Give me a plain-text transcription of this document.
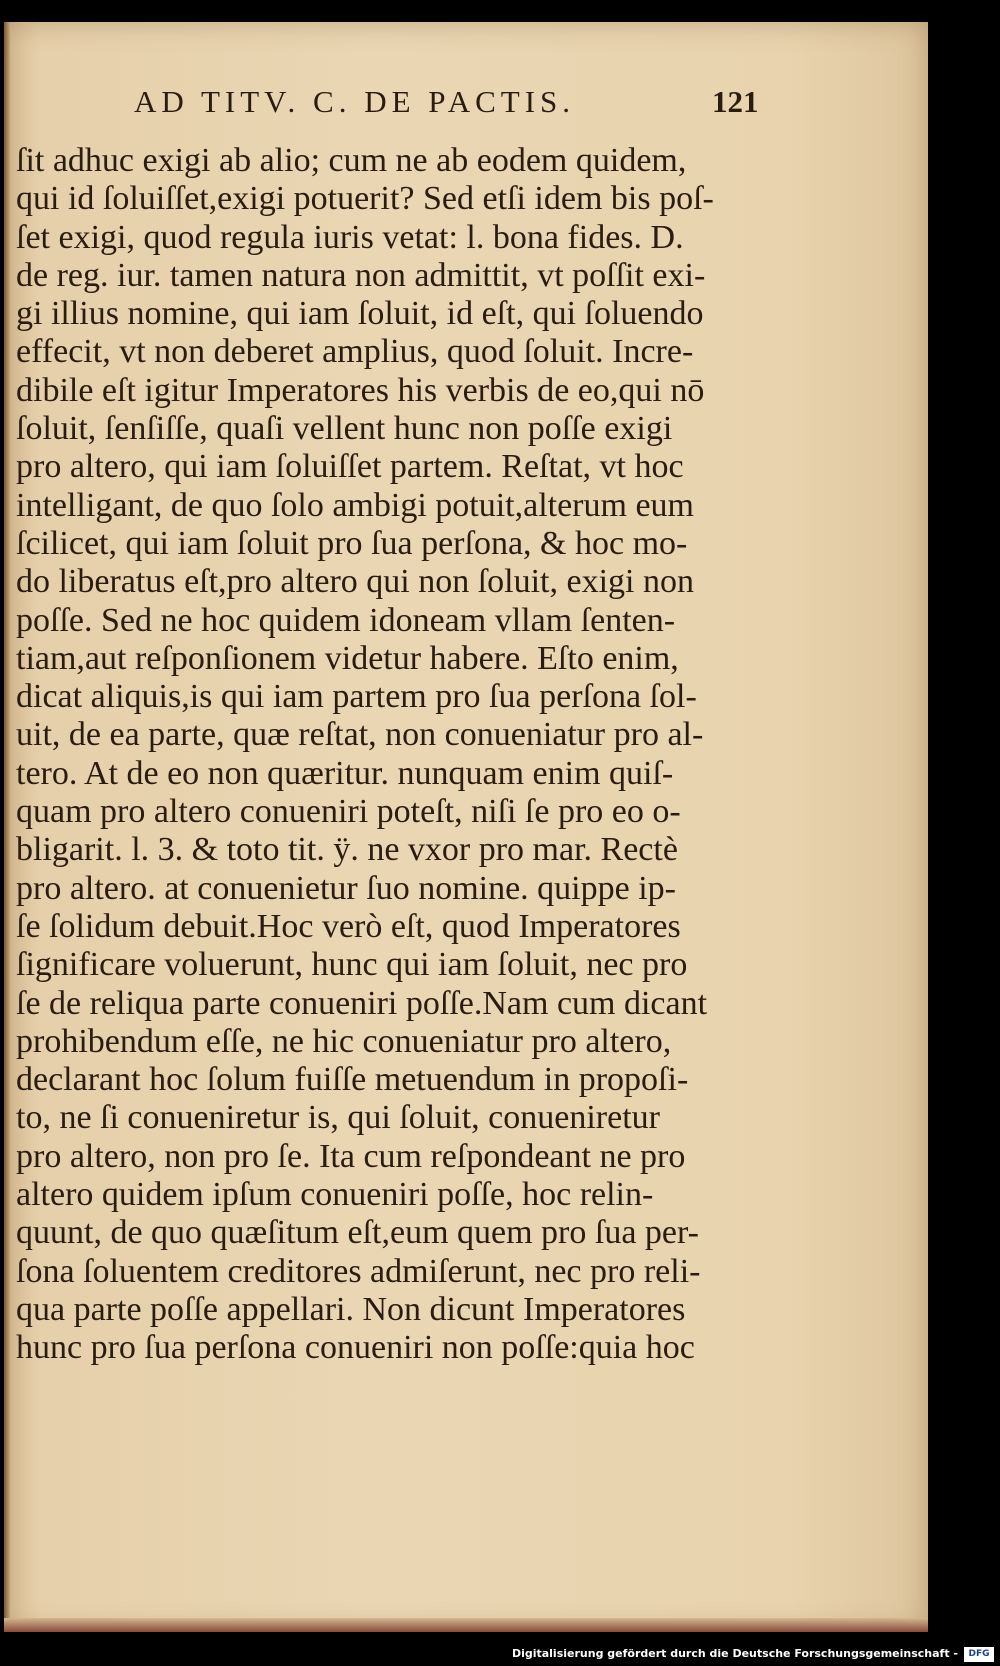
AD TITV. C. DE PACTIS.	121
ſit adhuc exigi ab alio; cum ne ab eodem quidem,
qui id ſoluiſſet,exigi potuerit? Sed etſi idem bis poſ-
ſet exigi, quod regula iuris vetat: l. bona fides. D.
de reg. iur. tamen natura non admittit, vt poſſit exi-
gi illius nomine, qui iam ſoluit, id eſt, qui ſoluendo
effecit, vt non deberet amplius, quod ſoluit. Incre-
dibile eſt igitur Imperatores his verbis de eo,qui nō
ſoluit, ſenſiſſe, quaſi vellent hunc non poſſe exigi
pro altero, qui iam ſoluiſſet partem. Reſtat, vt hoc
intelligant, de quo ſolo ambigi potuit,alterum eum
ſcilicet, qui iam ſoluit pro ſua perſona, & hoc mo-
do liberatus eſt,pro altero qui non ſoluit, exigi non
poſſe. Sed ne hoc quidem idoneam vllam ſenten-
tiam,aut reſponſionem videtur habere. Eſto enim,
dicat aliquis,is qui iam partem pro ſua perſona ſol-
uit, de ea parte, quæ reſtat, non conueniatur pro al-
tero. At de eo non quæritur. nunquam enim quiſ-
quam pro altero conueniri poteſt, niſi ſe pro eo o-
bligarit. l. 3. & toto tit. ÿ. ne vxor pro mar. Rectè
pro altero. at conuenietur ſuo nomine. quippe ip-
ſe ſolidum debuit.Hoc verò eſt, quod Imperatores
ſignificare voluerunt, hunc qui iam ſoluit, nec pro
ſe de reliqua parte conueniri poſſe.Nam cum dicant
prohibendum eſſe, ne hic conueniatur pro altero,
declarant hoc ſolum fuiſſe metuendum in propoſi-
to, ne ſi conueniretur is, qui ſoluit, conueniretur
pro altero, non pro ſe. Ita cum reſpondeant ne pro
altero quidem ipſum conueniri poſſe, hoc relin-
quunt, de quo quæſitum eſt,eum quem pro ſua per-
ſona ſoluentem creditores admiſerunt, nec pro reli-
qua parte poſſe appellari. Non dicunt Imperatores
hunc pro ſua perſona conueniri non poſſe:quia hoc
Digitalisierung gefördert durch die Deutsche Forschungsgemeinschaft -	DFG
